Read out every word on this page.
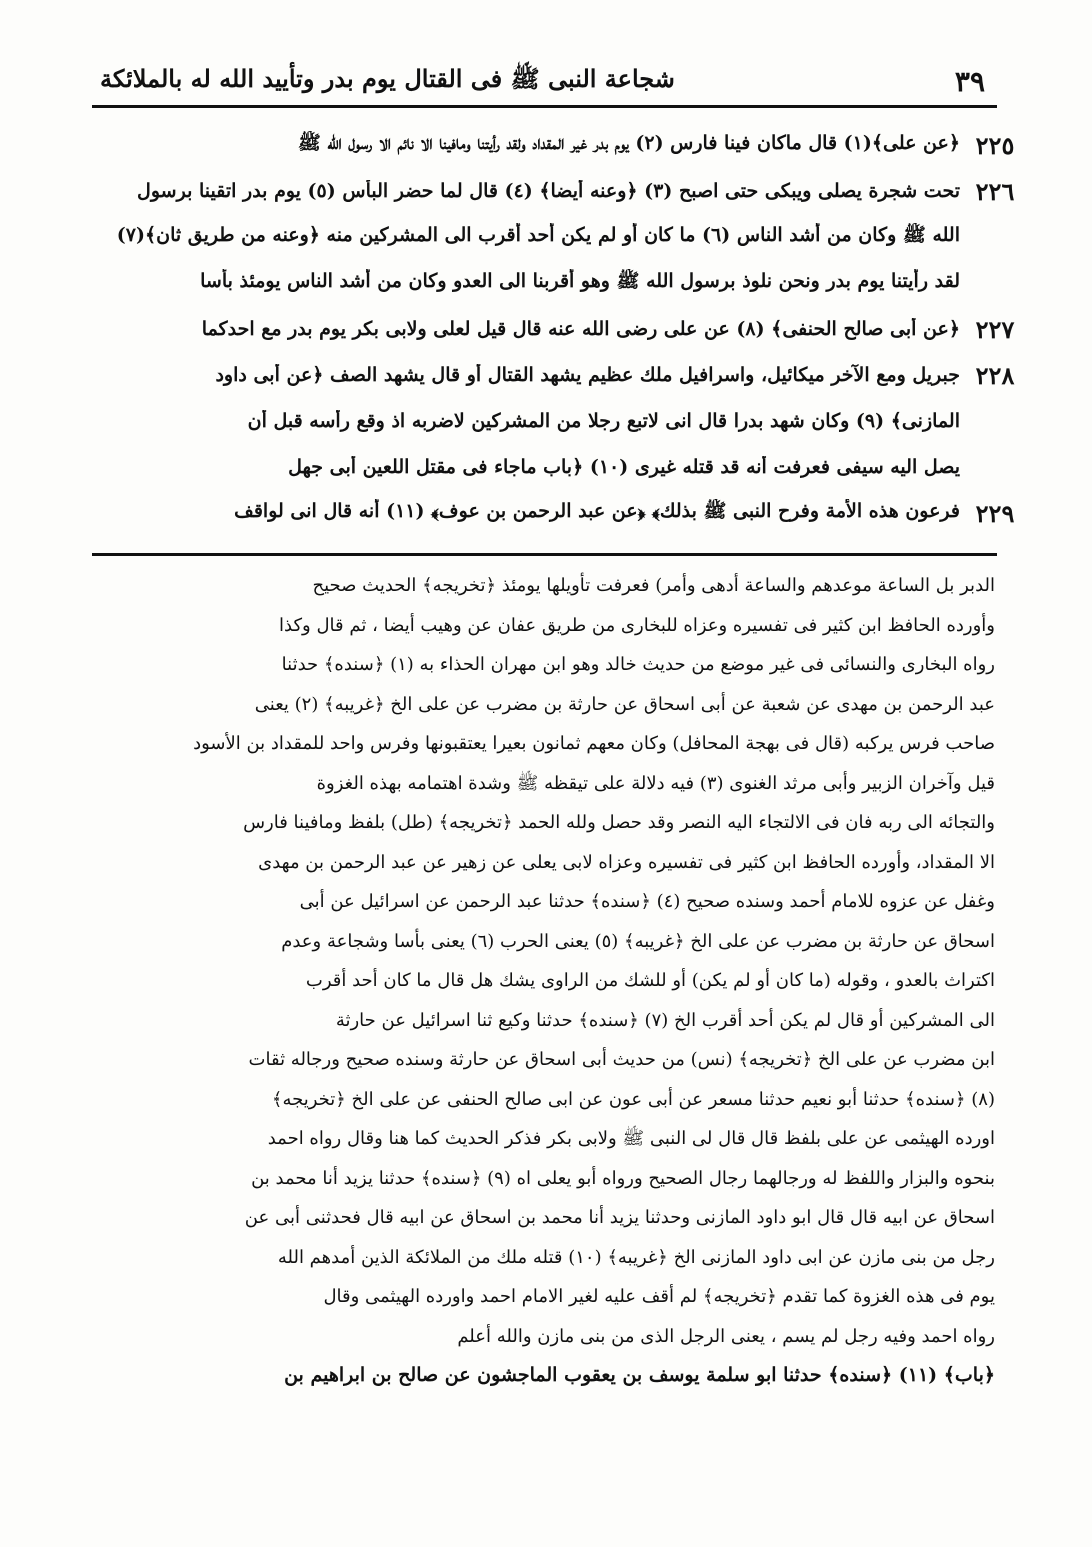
شجاعة النبى ﷺ فى القتال يوم بدر وتأييد الله له بالملائكة	٣٩
٢٢٥
﴿عن على﴾(١) قال ماكان فينا فارس (٢) يوم بدر غير المقداد ولقد رأيتنا ومافينا الا نائم الا رسول الله ﷺ
٢٢٦
تحت شجرة يصلى ويبكى حتى اصبح (٣) ﴿وعنه أيضا﴾ (٤) قال لما حضر البأس (٥) يوم بدر اتقينا برسول
الله ﷺ وكان من أشد الناس (٦) ما كان أو لم يكن أحد أقرب الى المشركين منه ﴿وعنه من طريق ثان﴾(٧)
لقد رأيتنا يوم بدر ونحن نلوذ برسول الله ﷺ وهو أقربنا الى العدو وكان من أشد الناس يومئذ بأسا
٢٢٧
﴿عن أبى صالح الحنفى﴾ (٨) عن على رضى الله عنه قال قيل لعلى ولابى بكر يوم بدر مع احدكما
٢٢٨
جبريل ومع الآخر ميكائيل، واسرافيل ملك عظيم يشهد القتال أو قال يشهد الصف ﴿عن أبى داود
المازنى﴾ (٩) وكان شهد بدرا قال انى لاتبع رجلا من المشركين لاضربه اذ وقع رأسه قبل أن
يصل اليه سيفى فعرفت أنه قد قتله غيرى (١٠) ﴿باب ماجاء فى مقتل اللعين أبى جهل
٢٢٩
فرعون هذه الأمة وفرح النبى ﷺ بذلك﴾ ﴿عن عبد الرحمن بن عوف﴾ (١١) أنه قال انى لواقف
الدبر بل الساعة موعدهم والساعة أدهى وأمر) فعرفت تأويلها يومئذ ﴿تخريجه﴾ الحديث صحيح
وأورده الحافظ ابن كثير فى تفسيره وعزاه للبخارى من طريق عفان عن وهيب أيضا ، ثم قال وكذا
رواه البخارى والنسائى فى غير موضع من حديث خالد وهو ابن مهران الحذاء به (١) ﴿سنده﴾ حدثنا
عبد الرحمن بن مهدى عن شعبة عن أبى اسحاق عن حارثة بن مضرب عن على الخ ﴿غريبه﴾ (٢) يعنى
صاحب فرس يركبه (قال فى بهجة المحافل) وكان معهم ثمانون بعيرا يعتقبونها وفرس واحد للمقداد بن الأسود
قيل وآخران الزبير وأبى مرثد الغنوى (٣) فيه دلالة على تيقظه ﷺ وشدة اهتمامه بهذه الغزوة
والتجائه الى ربه فان فى الالتجاء اليه النصر وقد حصل ولله الحمد ﴿تخريجه﴾ (طل) بلفظ ومافينا فارس
الا المقداد، وأورده الحافظ ابن كثير فى تفسيره وعزاه لابى يعلى عن زهير عن عبد الرحمن بن مهدى
وغفل عن عزوه للامام أحمد وسنده صحيح (٤) ﴿سنده﴾ حدثنا عبد الرحمن عن اسرائيل عن أبى
اسحاق عن حارثة بن مضرب عن على الخ ﴿غريبه﴾ (٥) يعنى الحرب (٦) يعنى بأسا وشجاعة وعدم
اكتراث بالعدو ، وقوله (ما كان أو لم يكن) أو للشك من الراوى يشك هل قال ما كان أحد أقرب
الى المشركين أو قال لم يكن أحد أقرب الخ (٧) ﴿سنده﴾ حدثنا وكيع ثنا اسرائيل عن حارثة
ابن مضرب عن على الخ ﴿تخريجه﴾ (نس) من حديث أبى اسحاق عن حارثة وسنده صحيح ورجاله ثقات
(٨) ﴿سنده﴾ حدثنا أبو نعيم حدثنا مسعر عن أبى عون عن ابى صالح الحنفى عن على الخ ﴿تخريجه﴾
اورده الهيثمى عن على بلفظ قال قال لى النبى ﷺ ولابى بكر فذكر الحديث كما هنا وقال رواه احمد
بنحوه والبزار واللفظ له ورجالهما رجال الصحيح ورواه أبو يعلى اه (٩) ﴿سنده﴾ حدثنا يزيد أنا محمد بن
اسحاق عن ابيه قال قال ابو داود المازنى وحدثنا يزيد أنا محمد بن اسحاق عن ابيه قال فحدثنى أبى عن
رجل من بنى مازن عن ابى داود المازنى الخ ﴿غريبه﴾ (١٠) قتله ملك من الملائكة الذين أمدهم الله
يوم فى هذه الغزوة كما تقدم ﴿تخريجه﴾ لم أقف عليه لغير الامام احمد واورده الهيثمى وقال
رواه احمد وفيه رجل لم يسم ، يعنى الرجل الذى من بنى مازن والله أعلم
﴿باب﴾ (١١) ﴿سنده﴾ حدثنا ابو سلمة يوسف بن يعقوب الماجشون عن صالح بن ابراهيم بن
